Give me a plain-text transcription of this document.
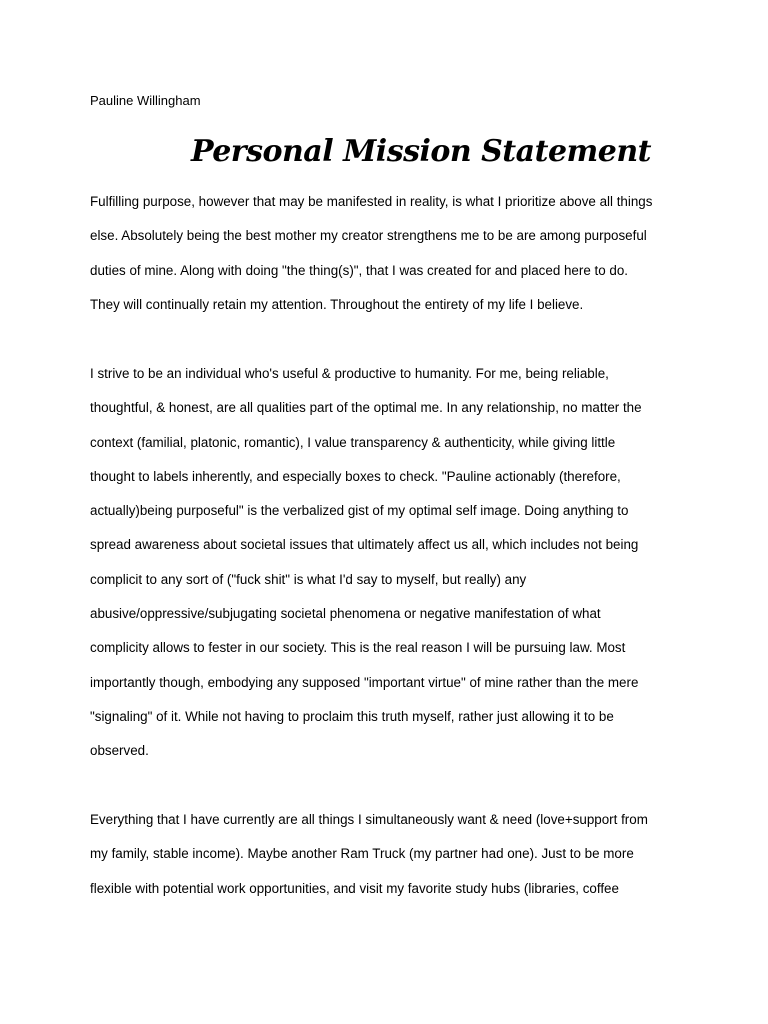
Pauline Willingham
Personal Mission Statement
Fulfilling purpose, however that may be manifested in reality, is what I prioritize above all things
else. Absolutely being the best mother my creator strengthens me to be are among purposeful
duties of mine. Along with doing "the thing(s)", that I was created for and placed here to do.
They will continually retain my attention. Throughout the entirety of my life I believe.
I strive to be an individual who's useful & productive to humanity. For me, being reliable,
thoughtful, & honest, are all qualities part of the optimal me. In any relationship, no matter the
context (familial, platonic, romantic), I value transparency & authenticity, while giving little
thought to labels inherently, and especially boxes to check. "Pauline actionably (therefore,
actually)being purposeful" is the verbalized gist of my optimal self image. Doing anything to
spread awareness about societal issues that ultimately affect us all, which includes not being
complicit to any sort of ("fuck shit" is what I'd say to myself, but really) any
abusive/oppressive/subjugating societal phenomena or negative manifestation of what
complicity allows to fester in our society. This is the real reason I will be pursuing law. Most
importantly though, embodying any supposed "important virtue" of mine rather than the mere
"signaling" of it. While not having to proclaim this truth myself, rather just allowing it to be
observed.
Everything that I have currently are all things I simultaneously want & need (love+support from
my family, stable income). Maybe another Ram Truck (my partner had one). Just to be more
flexible with potential work opportunities, and visit my favorite study hubs (libraries, coffee
